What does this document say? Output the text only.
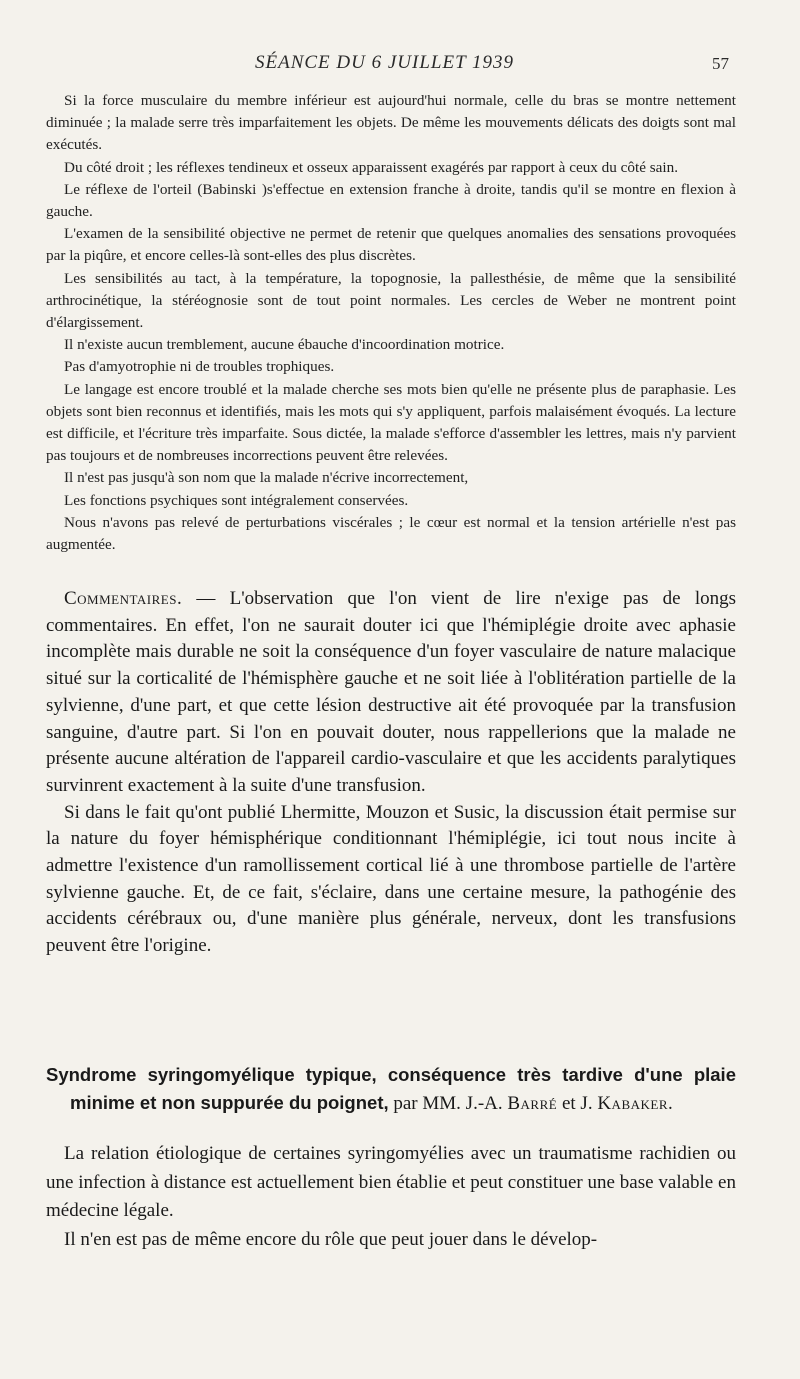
SÉANCE DU 6 JUILLET 1939	57

Si la force musculaire du membre inférieur est aujourd'hui normale, celle du bras se montre nettement diminuée ; la malade serre très imparfaitement les objets. De même les mouvements délicats des doigts sont mal exécutés.

Du côté droit ; les réflexes tendineux et osseux apparaissent exagérés par rapport à ceux du côté sain.

Le réflexe de l'orteil (Babinski )s'effectue en extension franche à droite, tandis qu'il se montre en flexion à gauche.

L'examen de la sensibilité objective ne permet de retenir que quelques anomalies des sensations provoquées par la piqûre, et encore celles-là sont-elles des plus discrètes.

Les sensibilités au tact, à la température, la topognosie, la pallesthésie, de même que la sensibilité arthrocinétique, la stéréognosie sont de tout point normales. Les cercles de Weber ne montrent point d'élargissement.

Il n'existe aucun tremblement, aucune ébauche d'incoordination motrice.

Pas d'amyotrophie ni de troubles trophiques.

Le langage est encore troublé et la malade cherche ses mots bien qu'elle ne présente plus de paraphasie. Les objets sont bien reconnus et identifiés, mais les mots qui s'y appliquent, parfois malaisément évoqués. La lecture est difficile, et l'écriture très imparfaite. Sous dictée, la malade s'efforce d'assembler les lettres, mais n'y parvient pas toujours et de nombreuses incorrections peuvent être relevées.

Il n'est pas jusqu'à son nom que la malade n'écrive incorrectement,

Les fonctions psychiques sont intégralement conservées.

Nous n'avons pas relevé de perturbations viscérales ; le cœur est normal et la tension artérielle n'est pas augmentée.

Commentaires. — L'observation que l'on vient de lire n'exige pas de longs commentaires. En effet, l'on ne saurait douter ici que l'hémiplégie droite avec aphasie incomplète mais durable ne soit la conséquence d'un foyer vasculaire de nature malacique situé sur la corticalité de l'hémisphère gauche et ne soit liée à l'oblitération partielle de la sylvienne, d'une part, et que cette lésion destructive ait été provoquée par la transfusion sanguine, d'autre part. Si l'on en pouvait douter, nous rappellerions que la malade ne présente aucune altération de l'appareil cardio-vasculaire et que les accidents paralytiques survinrent exactement à la suite d'une transfusion.

Si dans le fait qu'ont publié Lhermitte, Mouzon et Susic, la discussion était permise sur la nature du foyer hémisphérique conditionnant l'hémiplégie, ici tout nous incite à admettre l'existence d'un ramollissement cortical lié à une thrombose partielle de l'artère sylvienne gauche. Et, de ce fait, s'éclaire, dans une certaine mesure, la pathogénie des accidents cérébraux ou, d'une manière plus générale, nerveux, dont les transfusions peuvent être l'origine.

Syndrome syringomyélique typique, conséquence très tardive d'une plaie minime et non suppurée du poignet, par MM. J.-A. Barré et J. Kabaker.

La relation étiologique de certaines syringomyélies avec un traumatisme rachidien ou une infection à distance est actuellement bien établie et peut constituer une base valable en médecine légale.

Il n'en est pas de même encore du rôle que peut jouer dans le dévelop-
